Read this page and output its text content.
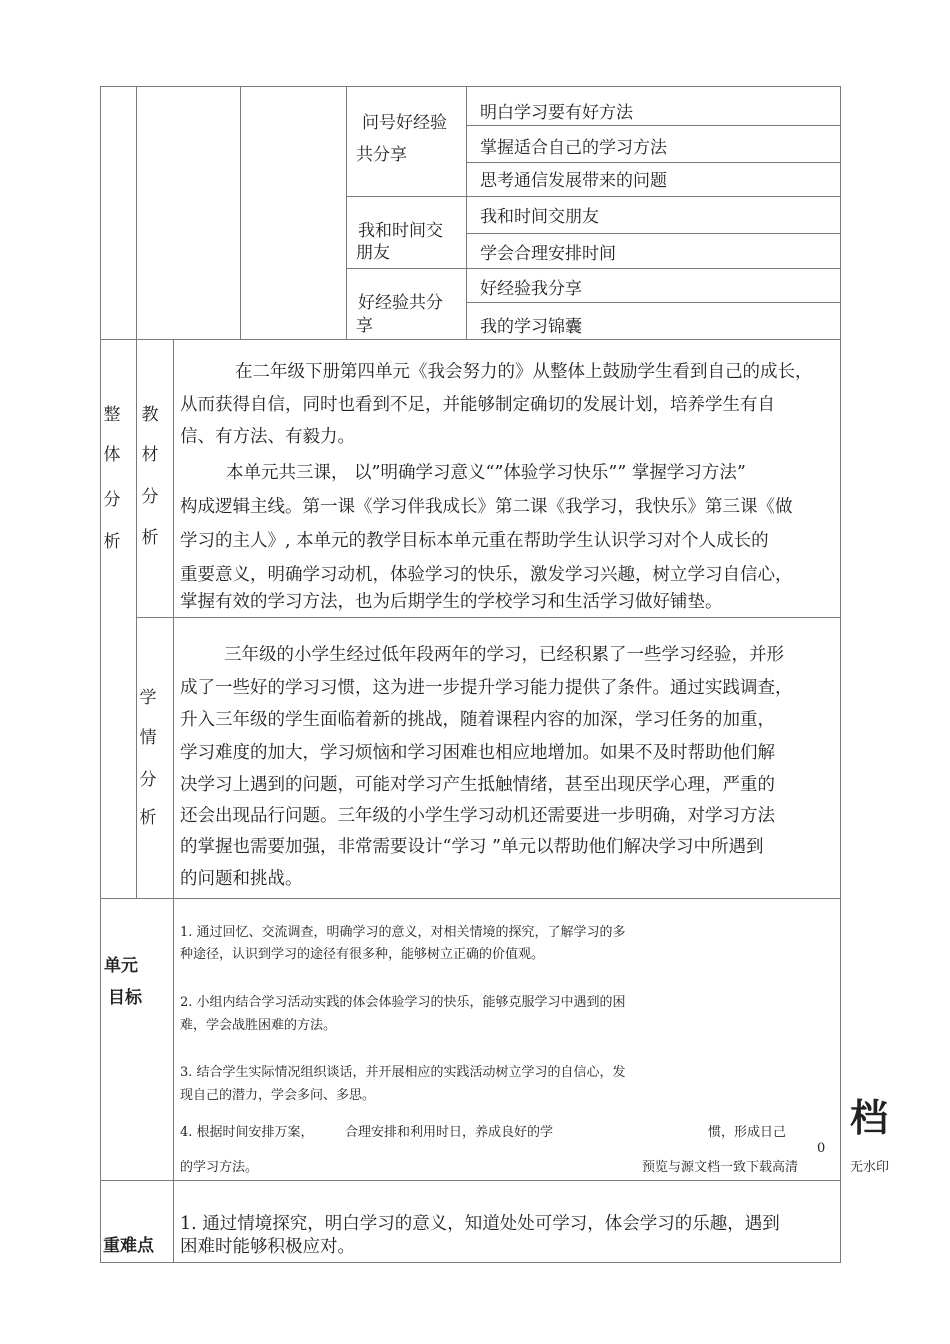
问号好经验
共分享
明白学习要有好方法
掌握适合自己的学习方法
思考通信发展带来的问题
我和时间交
朋友
我和时间交朋友
学会合理安排时间
好经验共分
享
好经验我分享
我的学习锦囊
整
体
分
析
教
材
分
析
在二年级下册第四单元《我会努力的》从整体上鼓励学生看到自己的成长，
从而获得自信，同时也看到不足，并能够制定确切的发展计划，培养学生有自
信、有方法、有毅力。
本单元共三课， 以”明确学习意义“”体验学习快乐”” 掌握学习方法”
构成逻辑主线。第一课《学习伴我成长》第二课《我学习，我快乐》第三课《做
学习的主人》, 本单元的教学目标本单元重在帮助学生认识学习对个人成长的
重要意义，明确学习动机，体验学习的快乐，激发学习兴趣，树立学习自信心，
掌握有效的学习方法，也为后期学生的学校学习和生活学习做好铺垫。
学
情
分
析
三年级的小学生经过低年段两年的学习，已经积累了一些学习经验，并形
成了一些好的学习习惯，这为进一步提升学习能力提供了条件。通过实践调查，
升入三年级的学生面临着新的挑战，随着课程内容的加深，学习任务的加重，
学习难度的加大，学习烦恼和学习困难也相应地增加。如果不及时帮助他们解
决学习上遇到的问题，可能对学习产生抵触情绪，甚至出现厌学心理，严重的
还会出现品行问题。三年级的小学生学习动机还需要进一步明确，对学习方法
的掌握也需要加强，非常需要设计“学习 ”单元以帮助他们解决学习中所遇到
的问题和挑战。
单元
目标
1. 通过回忆、交流调查，明确学习的意义，对相关情境的探究，了解学习的多
种途径，认识到学习的途径有很多种，能够树立正确的价值观。
2. 小组内结合学习活动实践的体会体验学习的快乐，能够克服学习中遇到的困
难，学会战胜困难的方法。
3. 结合学生实际情况组织谈话，并开展相应的实践活动树立学习的自信心，发
现自己的潜力，学会多问、多思。
4. 根据时间安排万案， 合理安排和利用时日，养成良好的学	惯，形成日己
0
的学习方法。	预览与源文档一致下载高清
档
无水印
重难点
1. 通过情境探究，明白学习的意义，知道处处可学习，体会学习的乐趣，遇到
困难时能够积极应对。
